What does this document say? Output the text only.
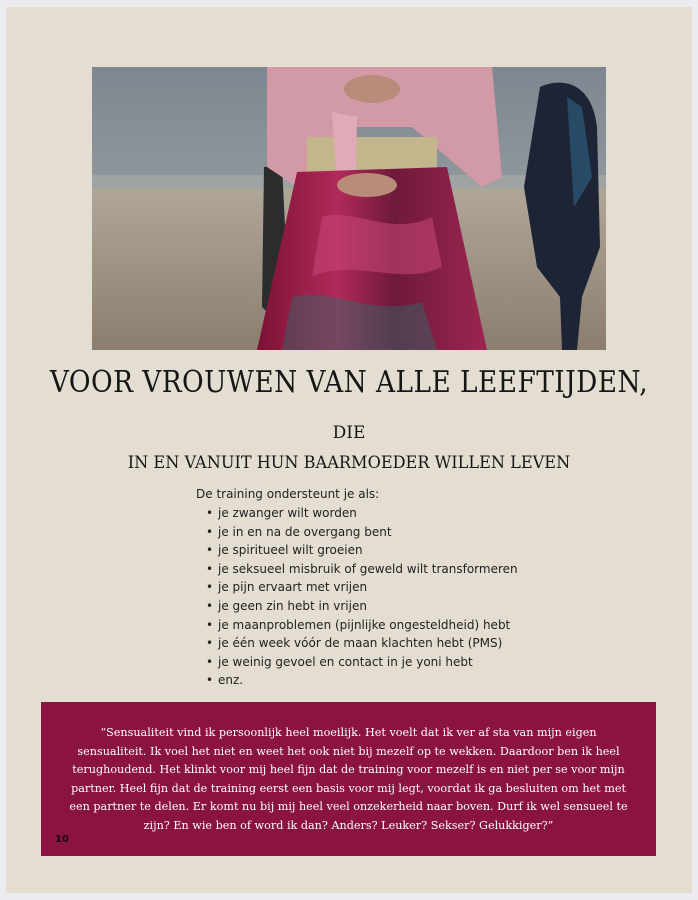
VOOR VROUWEN VAN ALLE LEEFTIJDEN,
DIE
IN EN VANUIT HUN BAARMOEDER WILLEN LEVEN

De training ondersteunt je als:

• je zwanger wilt worden
• je in en na de overgang bent
• je spiritueel wilt groeien
• je seksueel misbruik of geweld wilt transformeren
• je pijn ervaart met vrijen
• je geen zin hebt in vrijen
• je maanproblemen (pijnlijke ongesteldheid) hebt
• je één week vóór de maan klachten hebt (PMS)
• je weinig gevoel en contact in je yoni hebt
• enz.

“Sensualiteit vind ik persoonlijk heel moeilijk. Het voelt dat ik ver af sta van mijn eigen sensualiteit. Ik voel het niet en weet het ook niet bij mezelf op te wekken. Daardoor ben ik heel terughoudend. Het klinkt voor mij heel fijn dat de training voor mezelf is en niet per se voor mijn partner. Heel fijn dat de training eerst een basis voor mij legt, voordat ik ga besluiten om het met een partner te delen. Er komt nu bij mij heel veel onzekerheid naar boven. Durf ik wel sensueel te zijn? En wie ben of word ik dan? Anders? Leuker? Sekser? Gelukkiger?”

10
